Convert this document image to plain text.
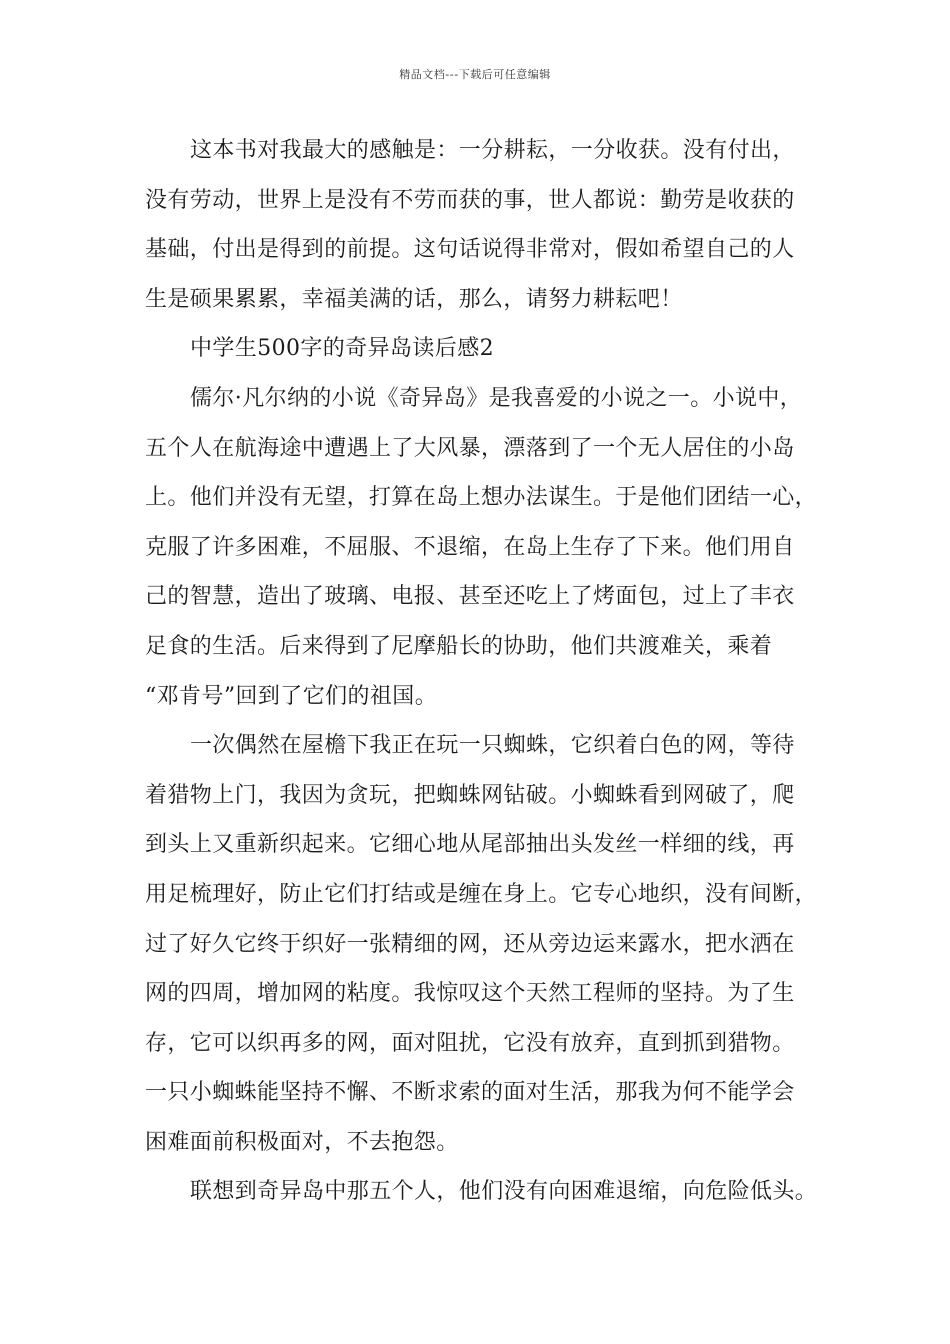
精品文档---下载后可任意编辑
这本书对我最大的感触是：一分耕耘，一分收获。没有付出，
没有劳动，世界上是没有不劳而获的事，世人都说：勤劳是收获的
基础，付出是得到的前提。这句话说得非常对，假如希望自己的人
生是硕果累累，幸福美满的话，那么，请努力耕耘吧！
中学生500字的奇异岛读后感2
儒尔·凡尔纳的小说《奇异岛》是我喜爱的小说之一。小说中，
五个人在航海途中遭遇上了大风暴，漂落到了一个无人居住的小岛
上。他们并没有无望，打算在岛上想办法谋生。于是他们团结一心，
克服了许多困难，不屈服、不退缩，在岛上生存了下来。他们用自
己的智慧，造出了玻璃、电报、甚至还吃上了烤面包，过上了丰衣
足食的生活。后来得到了尼摩船长的协助，他们共渡难关，乘着
“邓肯号”回到了它们的祖国。
一次偶然在屋檐下我正在玩一只蜘蛛，它织着白色的网，等待
着猎物上门，我因为贪玩，把蜘蛛网钻破。小蜘蛛看到网破了，爬
到头上又重新织起来。它细心地从尾部抽出头发丝一样细的线，再
用足梳理好，防止它们打结或是缠在身上。它专心地织，没有间断，
过了好久它终于织好一张精细的网，还从旁边运来露水，把水洒在
网的四周，增加网的粘度。我惊叹这个天然工程师的坚持。为了生
存，它可以织再多的网，面对阻扰，它没有放弃，直到抓到猎物。
一只小蜘蛛能坚持不懈、不断求索的面对生活，那我为何不能学会
困难面前积极面对，不去抱怨。
联想到奇异岛中那五个人，他们没有向困难退缩，向危险低头。
